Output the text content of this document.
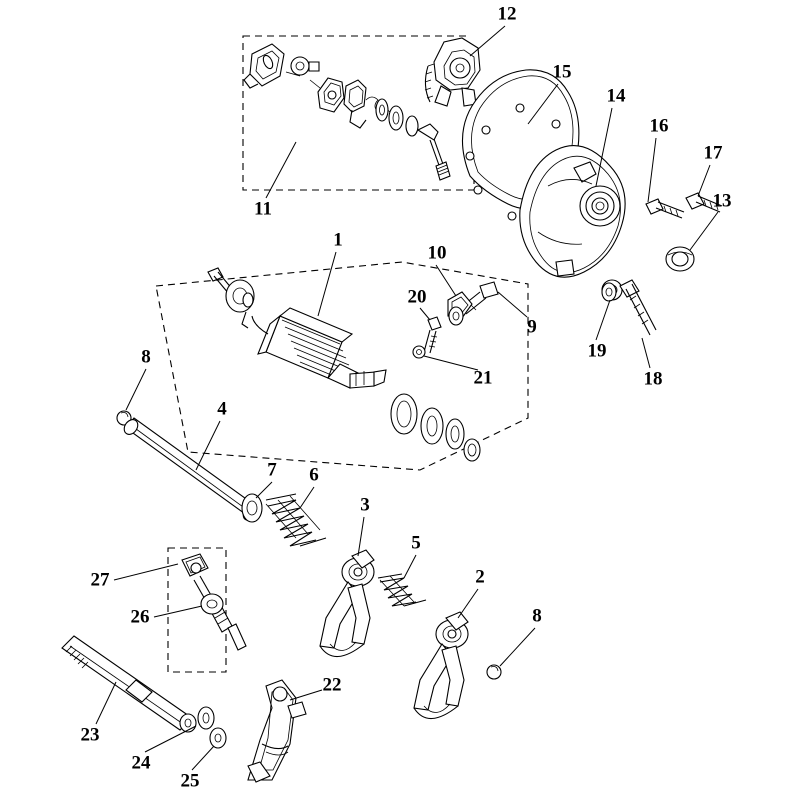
12
15
14
16
17
13
11
1
10
20
9
19
18
21
8
4
7 6
3
5
2
8
27
26
22
23
24
25
